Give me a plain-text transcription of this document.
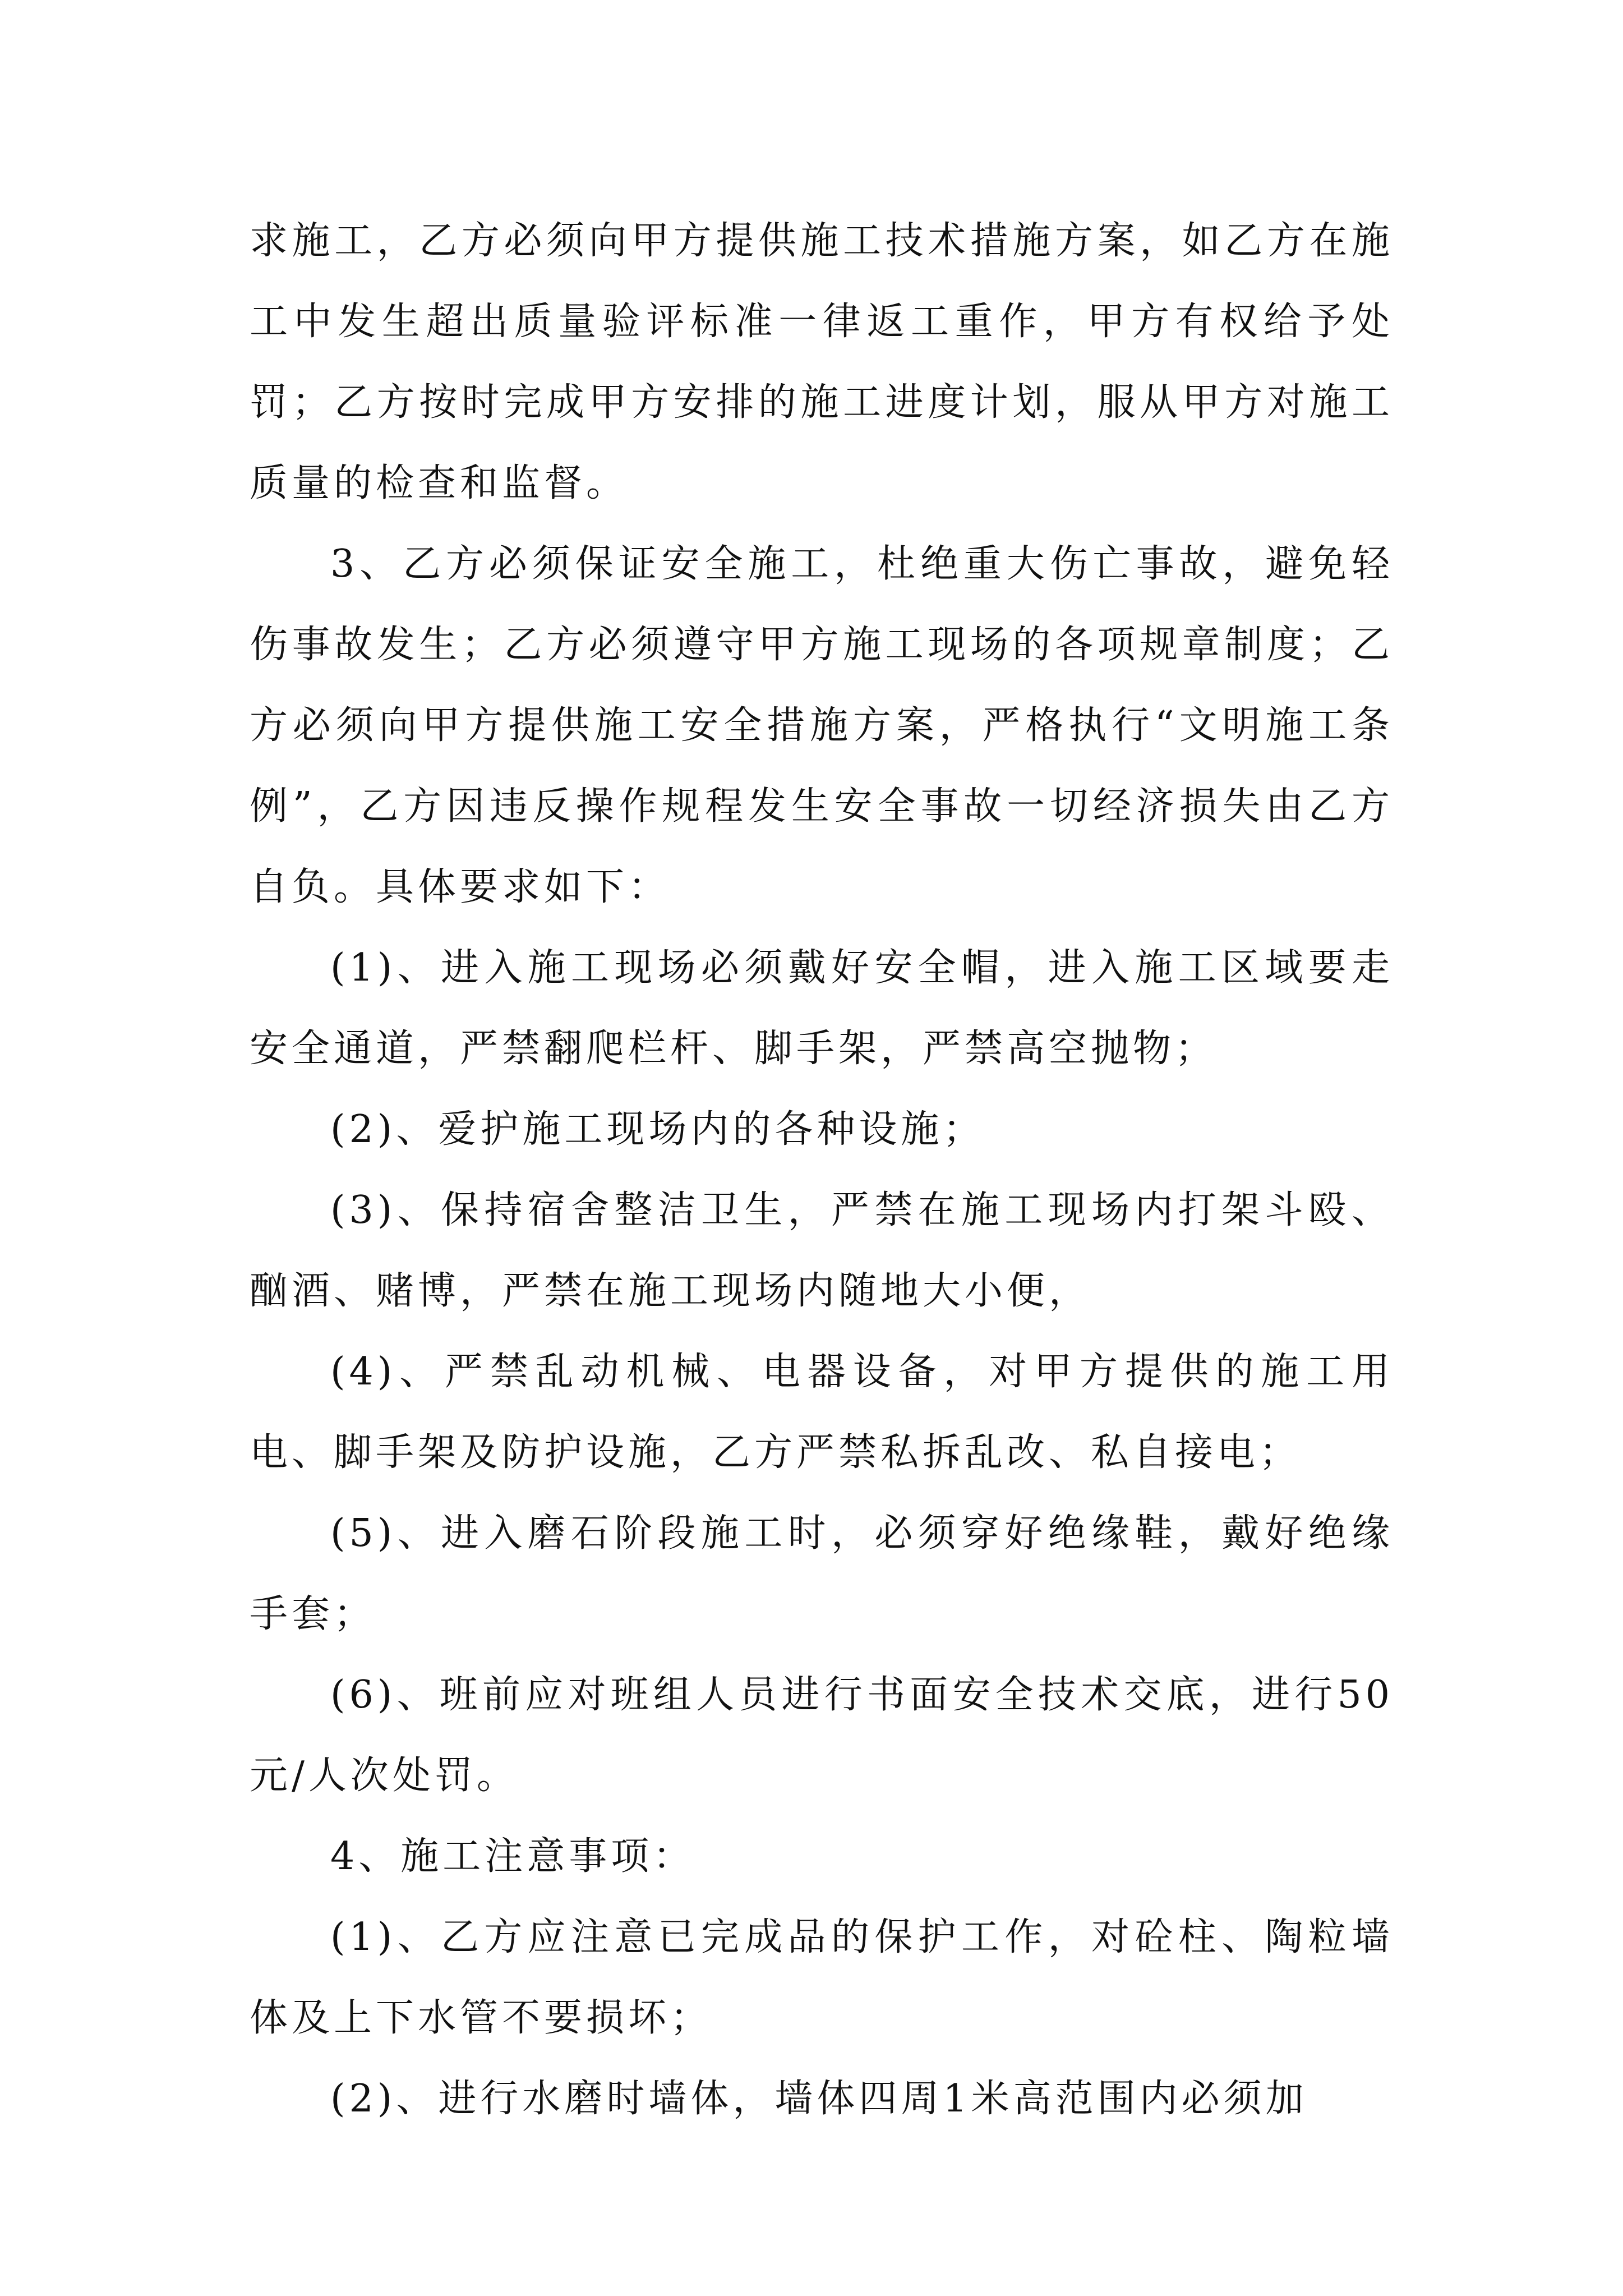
求施工，乙方必须向甲方提供施工技术措施方案，如乙方在施工中发生超出质量验评标准一律返工重作，甲方有权给予处罚；乙方按时完成甲方安排的施工进度计划，服从甲方对施工质量的检查和监督。

3、乙方必须保证安全施工，杜绝重大伤亡事故，避免轻伤事故发生；乙方必须遵守甲方施工现场的各项规章制度；乙方必须向甲方提供施工安全措施方案，严格执行“文明施工条例”，乙方因违反操作规程发生安全事故一切经济损失由乙方自负。具体要求如下：

(1)、进入施工现场必须戴好安全帽，进入施工区域要走安全通道，严禁翻爬栏杆、脚手架，严禁高空抛物；

(2)、爱护施工现场内的各种设施；

(3)、保持宿舍整洁卫生，严禁在施工现场内打架斗殴、酗酒、赌博，严禁在施工现场内随地大小便，

(4)、严禁乱动机械、电器设备，对甲方提供的施工用电、脚手架及防护设施，乙方严禁私拆乱改、私自接电；

(5)、进入磨石阶段施工时，必须穿好绝缘鞋，戴好绝缘手套；

(6)、班前应对班组人员进行书面安全技术交底，进行50元/人次处罚。

4、施工注意事项：

(1)、乙方应注意已完成品的保护工作，对砼柱、陶粒墙体及上下水管不要损坏；

(2)、进行水磨时墙体，墙体四周1米高范围内必须加
